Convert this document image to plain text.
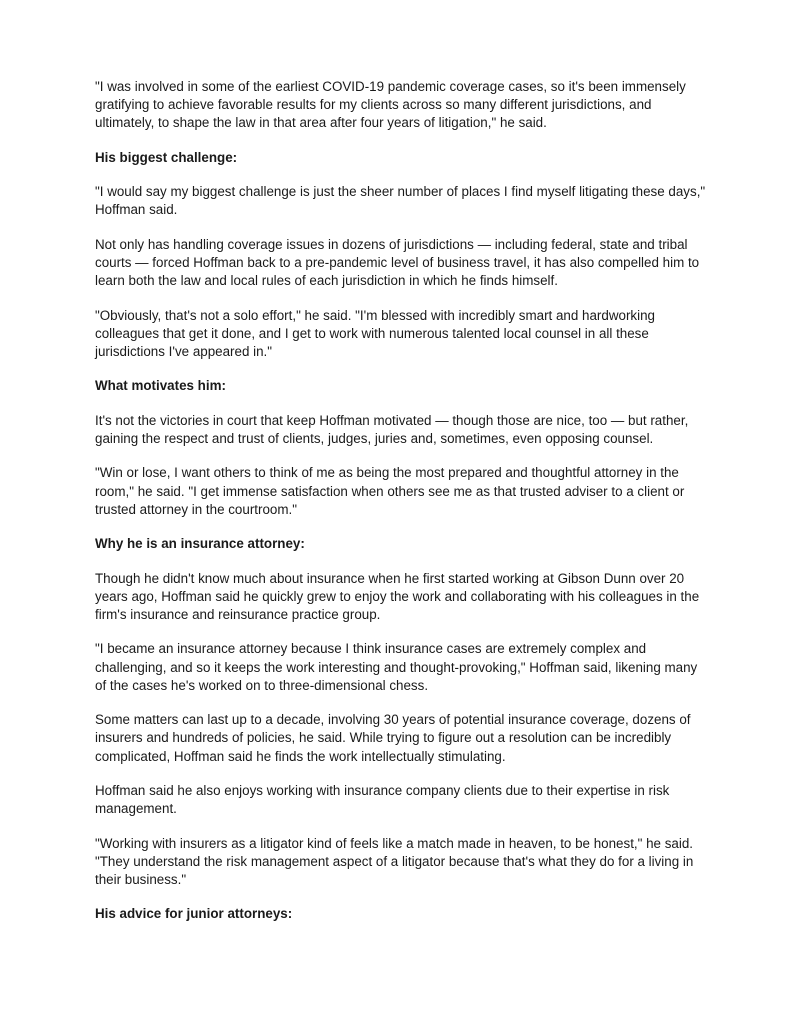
"I was involved in some of the earliest COVID-19 pandemic coverage cases, so it's been immensely gratifying to achieve favorable results for my clients across so many different jurisdictions, and ultimately, to shape the law in that area after four years of litigation," he said.

His biggest challenge:

"I would say my biggest challenge is just the sheer number of places I find myself litigating these days," Hoffman said.

Not only has handling coverage issues in dozens of jurisdictions — including federal, state and tribal courts — forced Hoffman back to a pre-pandemic level of business travel, it has also compelled him to learn both the law and local rules of each jurisdiction in which he finds himself.

"Obviously, that's not a solo effort," he said. "I'm blessed with incredibly smart and hardworking colleagues that get it done, and I get to work with numerous talented local counsel in all these jurisdictions I've appeared in."

What motivates him:

It's not the victories in court that keep Hoffman motivated — though those are nice, too — but rather, gaining the respect and trust of clients, judges, juries and, sometimes, even opposing counsel.

"Win or lose, I want others to think of me as being the most prepared and thoughtful attorney in the room," he said. "I get immense satisfaction when others see me as that trusted adviser to a client or trusted attorney in the courtroom."

Why he is an insurance attorney:

Though he didn't know much about insurance when he first started working at Gibson Dunn over 20 years ago, Hoffman said he quickly grew to enjoy the work and collaborating with his colleagues in the firm's insurance and reinsurance practice group.

"I became an insurance attorney because I think insurance cases are extremely complex and challenging, and so it keeps the work interesting and thought-provoking," Hoffman said, likening many of the cases he's worked on to three-dimensional chess.

Some matters can last up to a decade, involving 30 years of potential insurance coverage, dozens of insurers and hundreds of policies, he said. While trying to figure out a resolution can be incredibly complicated, Hoffman said he finds the work intellectually stimulating.

Hoffman said he also enjoys working with insurance company clients due to their expertise in risk management.

"Working with insurers as a litigator kind of feels like a match made in heaven, to be honest," he said. "They understand the risk management aspect of a litigator because that's what they do for a living in their business."

His advice for junior attorneys:
